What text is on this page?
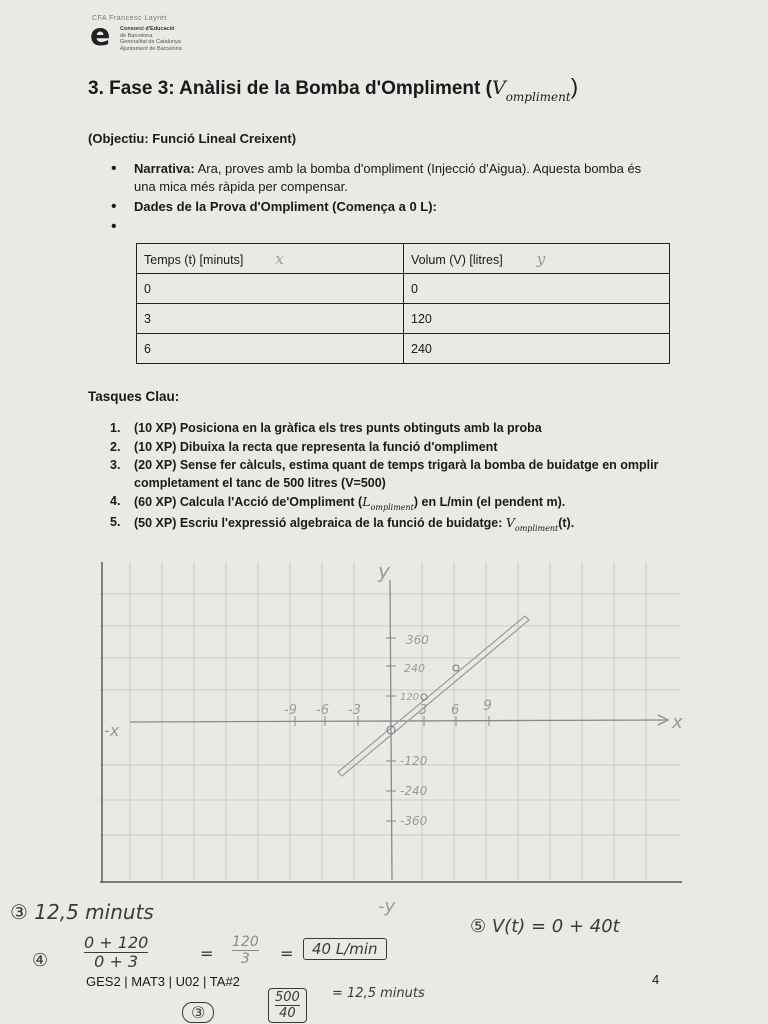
CFA Francesc Layret
e Consorci d'Educació
de Barcelona
Generalitat de Catalunya
Ajuntament de Barcelona
3. Fase 3: Anàlisi de la Bomba d'Ompliment $(V_{ompliment})$
(Objectiu: Funció Lineal Creixent)
• Narrativa: Ara, proves amb la bomba d'ompliment (Injecció d'Aigua). Aquesta bomba és una mica més ràpida per compensar.
• Dades de la Prova d'Ompliment (Comença a 0 L):
•
Temps (t) [minuts] x	Volum (V) [litres] y
0	0
3	120
6	240
Tasques Clau:
1. (10 XP) Posiciona en la gràfica els tres punts obtinguts amb la proba
2. (10 XP) Dibuixa la recta que representa la funció d'ompliment
3. (20 XP) Sense fer càlculs, estima quant de temps trigarà la bomba de buidatge en omplir completament el tanc de 500 litres (V=500)
4. (60 XP) Calcula l'Acció de'Ompliment $(L_{ompliment})$ en L/min (el pendent m).
5. (50 XP) Escriu l'expressió algebraica de la funció de buidatge: $V_{ompliment}(t)$.
y
x
-x
-9 -6 -3	3 6 9
360
240
120
-120
-240
-360
-y
③ 12,5 minuts
⑤ V(t) = 0 + 40t
④ $\frac{0 + 120}{0 + 3}$	= $\frac{120}{3}$ =	40 L/min
GES2 | MAT3 | U02 | TA#2	4
③	$\frac{500}{40} = 12,5$ minuts
